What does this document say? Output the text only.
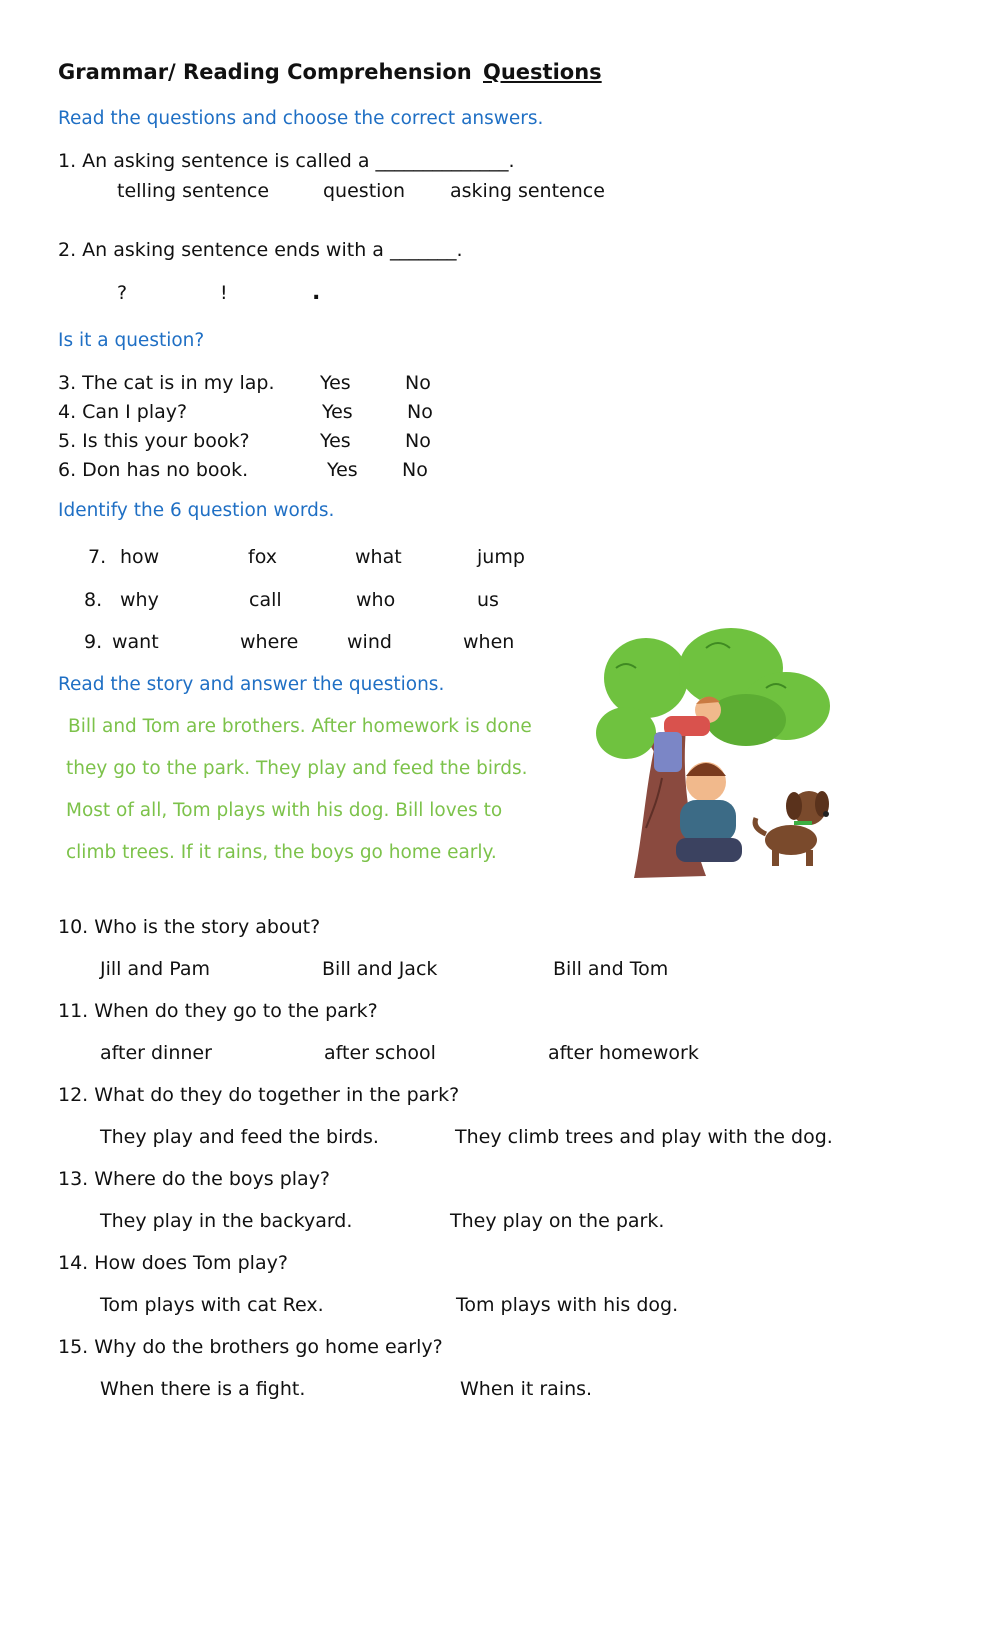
Grammar/ Reading Comprehension Questions
Read the questions and choose the correct answers.
1. An asking sentence is called a ______________.
telling sentence	question asking sentence
2. An asking sentence ends with a _______.
?	!	.
Is it a question?
3. The cat is in my lap. Yes	No
4. Can I play?	Yes	No
5. Is this your book?	Yes	No
6. Don has no book.	Yes No
Identify the 6 question words.
7. how	fox	what	jump
8. why	call	who	us
9. want	where	wind	when
Read the story and answer the questions.
Bill and Tom are brothers. After homework is done
they go to the park. They play and feed the birds.
Most of all, Tom plays with his dog. Bill loves to
climb trees. If it rains, the boys go home early.
10. Who is the story about?
Jill and Pam	Bill and Jack	Bill and Tom
11. When do they go to the park?
after dinner	after school	after homework
12. What do they do together in the park?
They play and feed the birds.	They climb trees and play with the dog.
13. Where do the boys play?
They play in the backyard.	They play on the park.
14. How does Tom play?
Tom plays with cat Rex.	Tom plays with his dog.
15. Why do the brothers go home early?
When there is a fight.	When it rains.
